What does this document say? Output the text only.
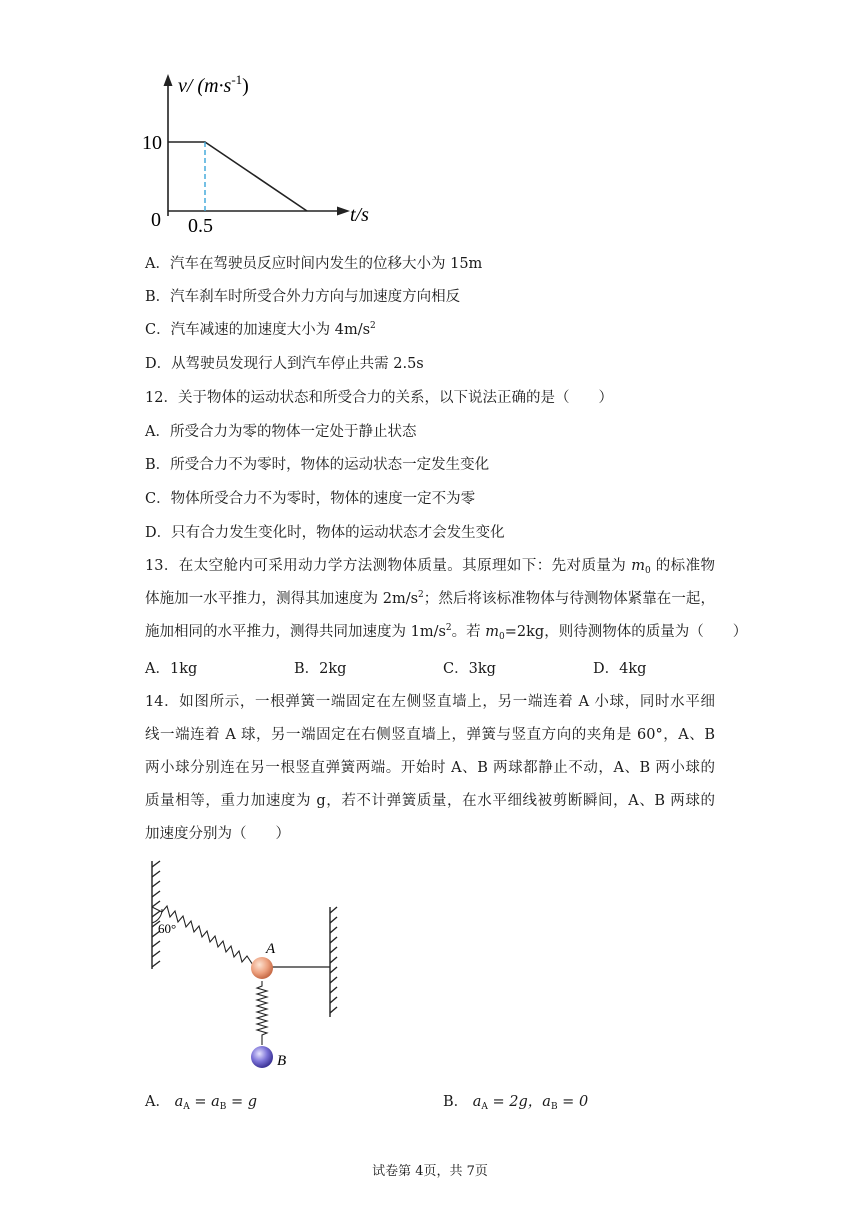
v/ $(m\cdot s^{-1})$
10
0 0.5	t/s
A．汽车在驾驶员反应时间内发生的位移大小为 15m
B．汽车刹车时所受合外力方向与加速度方向相反
C．汽车减速的加速度大小为 $4m/s^2$
D．从驾驶员发现行人到汽车停止共需 2.5s
12．关于物体的运动状态和所受合力的关系，以下说法正确的是（　　）
A．所受合力为零的物体一定处于静止状态
B．所受合力不为零时，物体的运动状态一定发生变化
C．物体所受合力不为零时，物体的速度一定不为零
D．只有合力发生变化时，物体的运动状态才会发生变化
13．在太空舱内可采用动力学方法测物体质量。其原理如下：先对质量为 $m_0$ 的标准物
体施加一水平推力，测得其加速度为 $2m/s^2$；然后将该标准物体与待测物体紧靠在一起，
施加相同的水平推力，测得共同加速度为 $1m/s^2$。若 $m_0=2kg$，则待测物体的质量为（　　）
A．1kg	B．2kg	C．3kg	D．4kg
14．如图所示，一根弹簧一端固定在左侧竖直墙上，另一端连着 A 小球，同时水平细
线一端连着 A 球，另一端固定在右侧竖直墙上，弹簧与竖直方向的夹角是 60°，A、B
两小球分别连在另一根竖直弹簧两端。开始时 A、B 两球都静止不动，A、B 两小球的
质量相等，重力加速度为 g，若不计弹簧质量，在水平细线被剪断瞬间，A、B 两球的
加速度分别为（　　）
60°
A
B
A． $a_A = a_B = g$	B． $a_A = 2g$，$a_B = 0$
试卷第 4页，共 7页
